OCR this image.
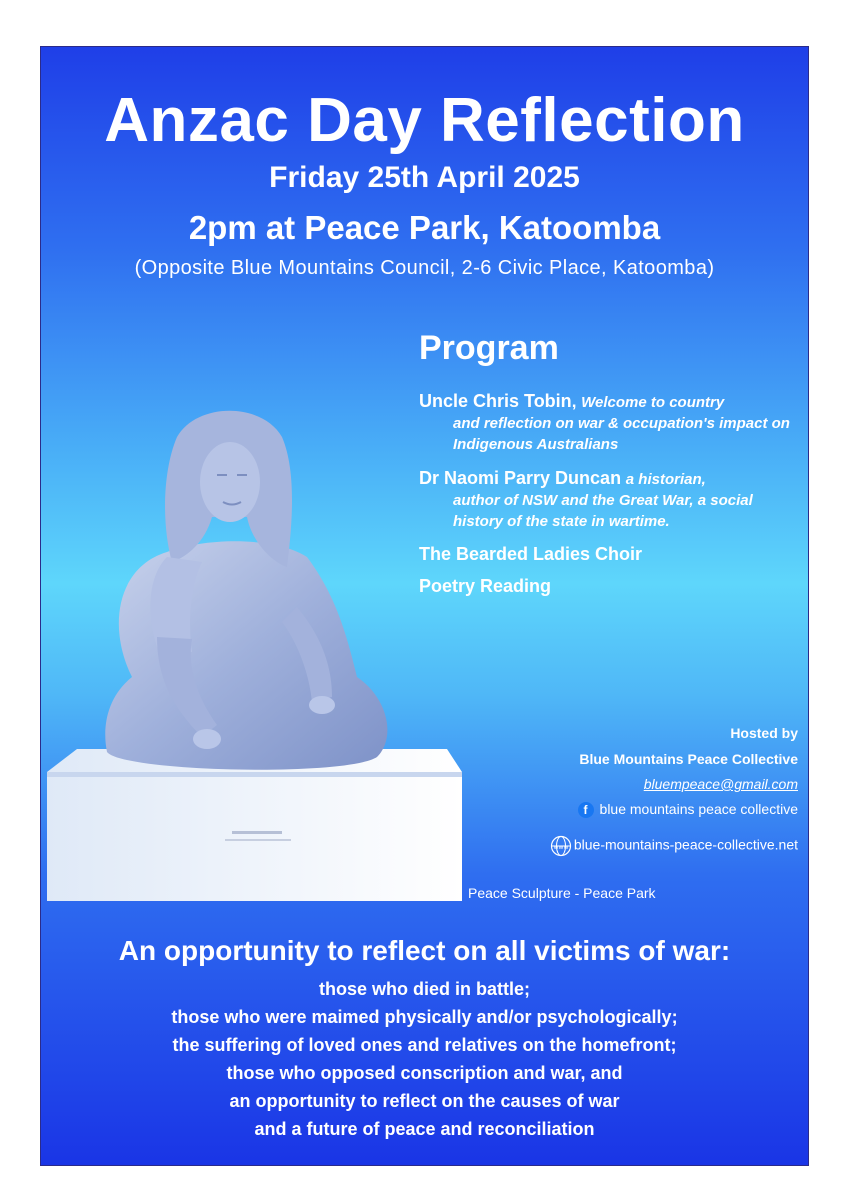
Anzac Day Reflection
Friday 25th April 2025
2pm at Peace Park, Katoomba
(Opposite Blue Mountains Council, 2-6 Civic Place, Katoomba)
Program
Uncle Chris Tobin, Welcome to country
and reflection on war & occupation's impact on Indigenous Australians
Dr Naomi Parry Duncan a historian,
author of NSW and the Great War, a social history of the state in wartime.
The Bearded Ladies Choir
Poetry Reading
Hosted by
Blue Mountains Peace Collective
bluempeace@gmail.com
f blue mountains peace collective
www blue-mountains-peace-collective.net
Peace Sculpture - Peace Park
An opportunity to reflect on all victims of war:
those who died in battle;
those who were maimed physically and/or psychologically;
the suffering of loved ones and relatives on the homefront;
those who opposed conscription and war, and
an opportunity to reflect on the causes of war
and a future of peace and reconciliation
